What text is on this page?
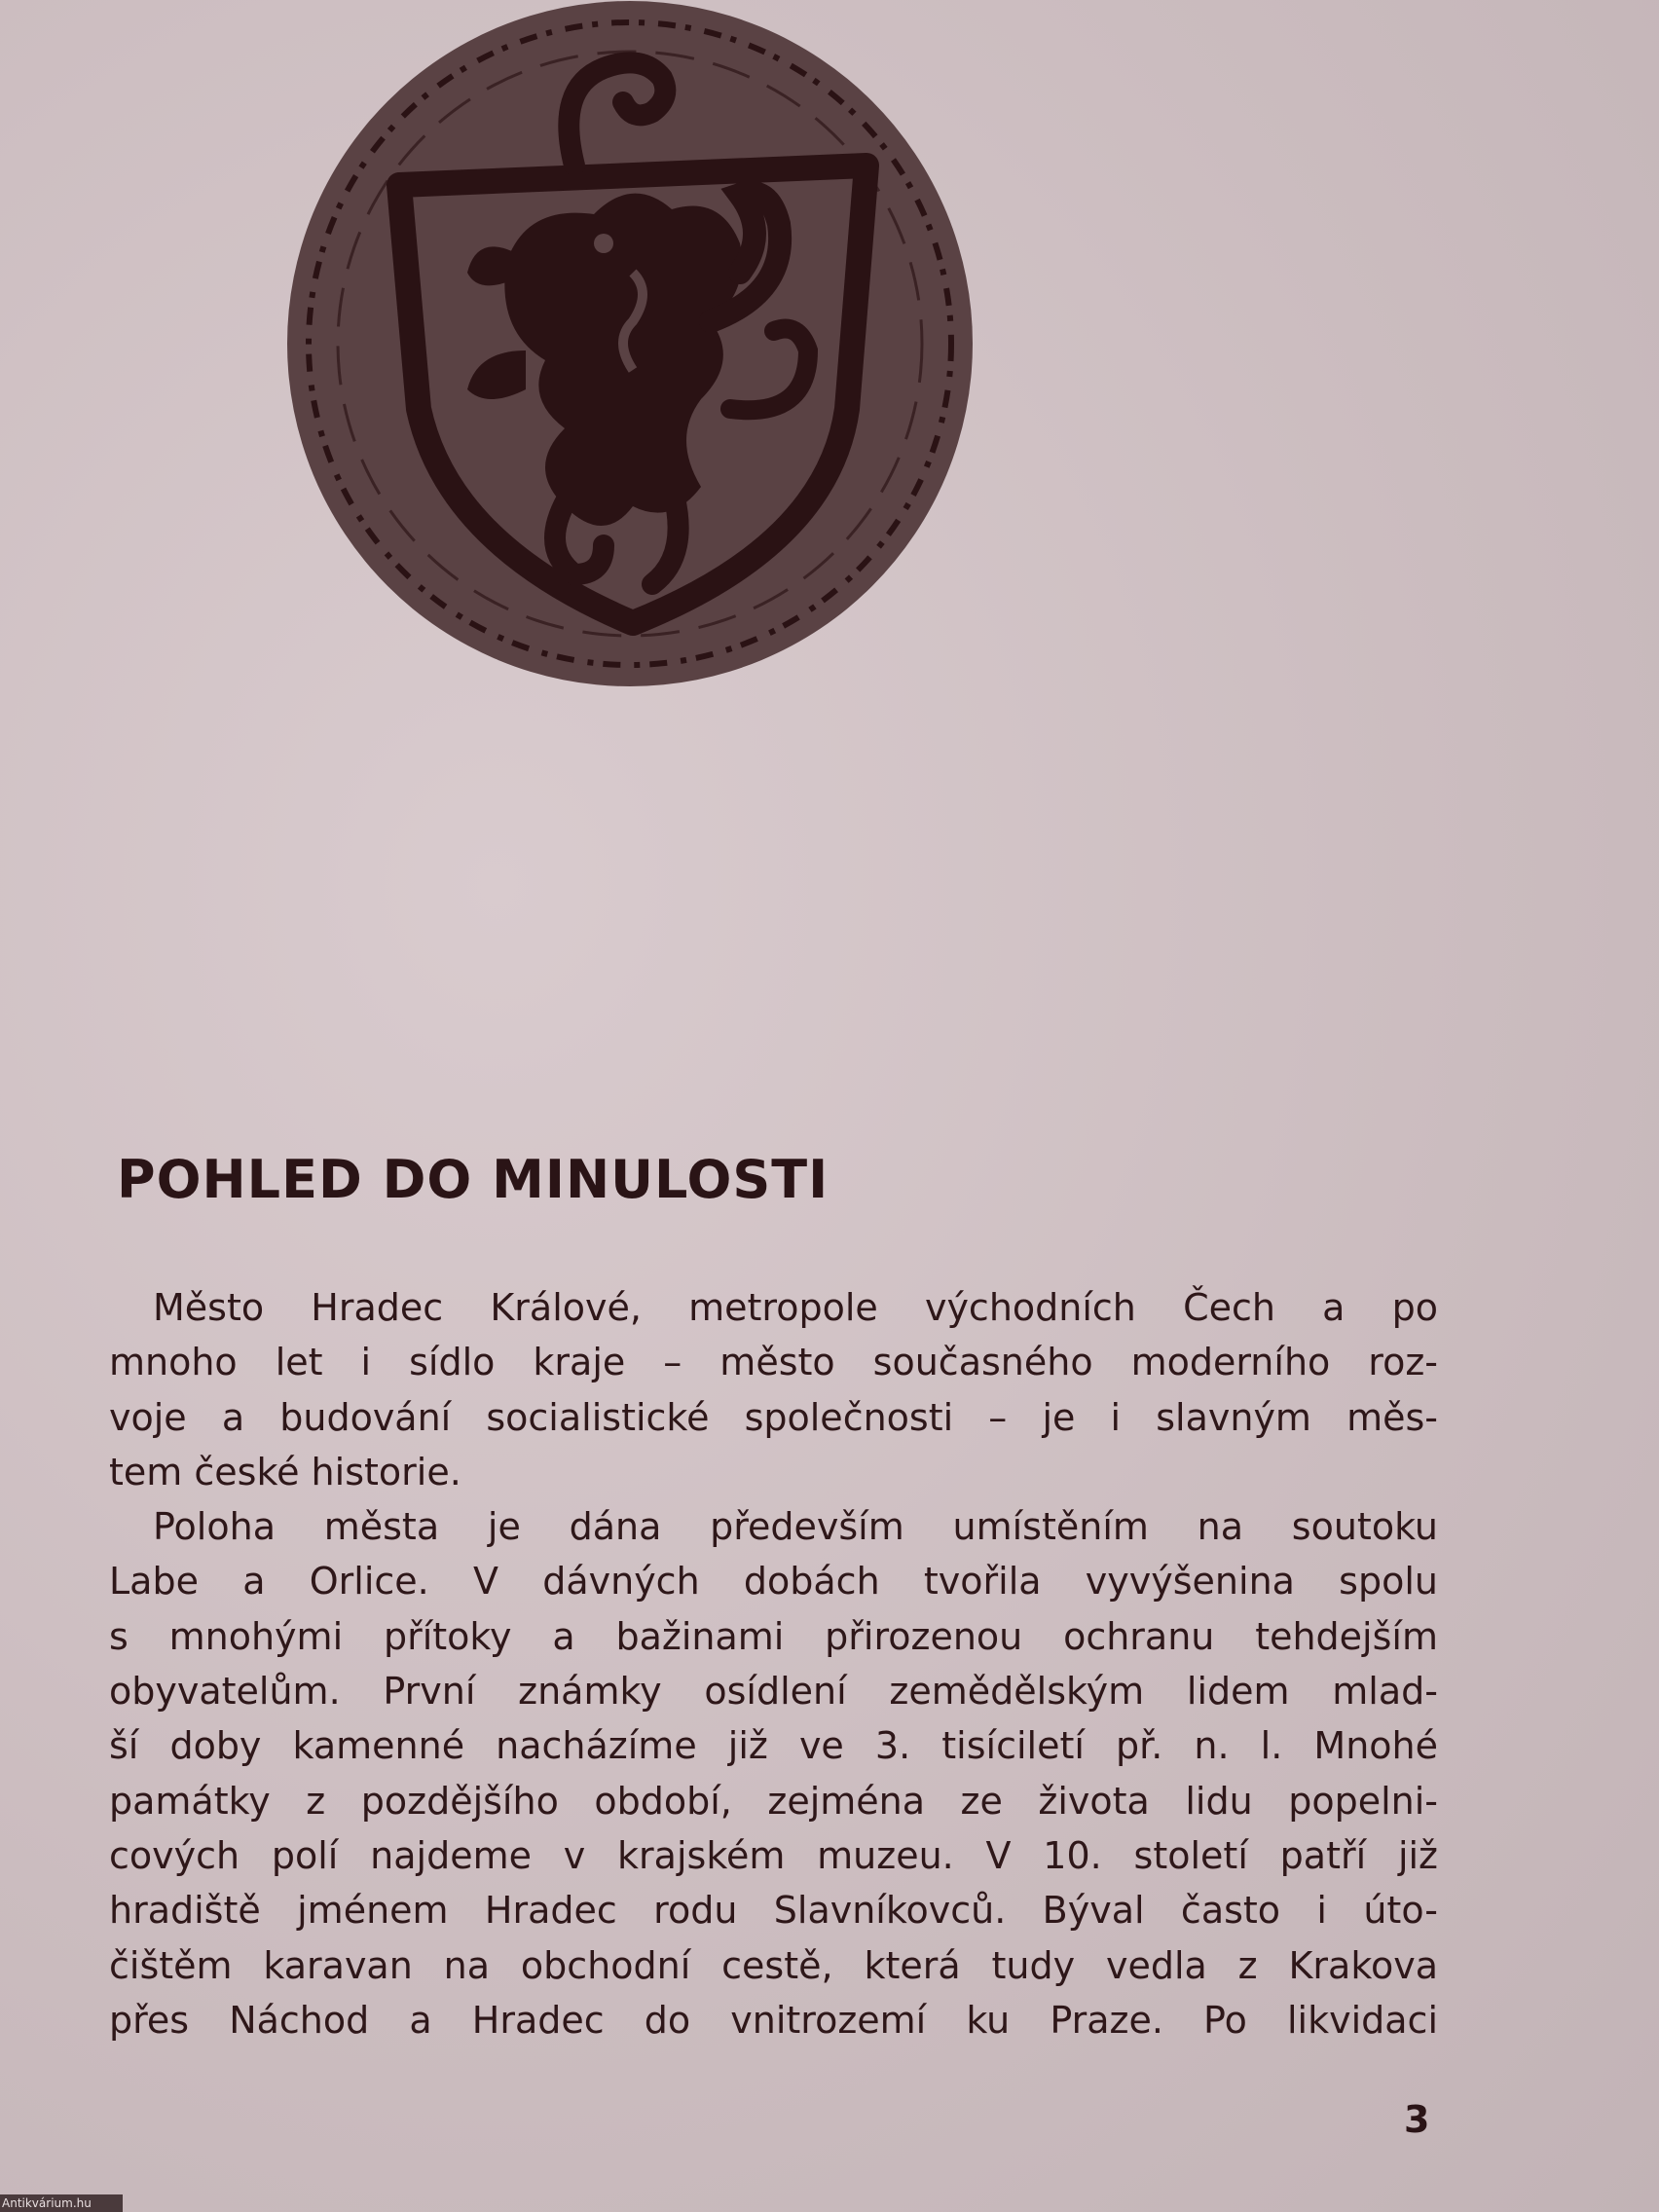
POHLED DO MINULOSTI
Město Hradec Králové, metropole východních Čech a po
mnoho let i sídlo kraje – město současného moderního roz-
voje a budování socialistické společnosti – je i slavným měs-
tem české historie.
Poloha města je dána především umístěním na soutoku
Labe a Orlice. V dávných dobách tvořila vyvýšenina spolu
s mnohými přítoky a bažinami přirozenou ochranu tehdejším
obyvatelům. První známky osídlení zemědělským lidem mlad-
ší doby kamenné nacházíme již ve 3. tisíciletí př. n. l. Mnohé
památky z pozdějšího období, zejména ze života lidu popelni-
cových polí najdeme v krajském muzeu. V 10. století patří již
hradiště jménem Hradec rodu Slavníkovců. Býval často i úto-
čištěm karavan na obchodní cestě, která tudy vedla z Krakova
přes Náchod a Hradec do vnitrozemí ku Praze. Po likvidaci
3
Antikvárium.hu
